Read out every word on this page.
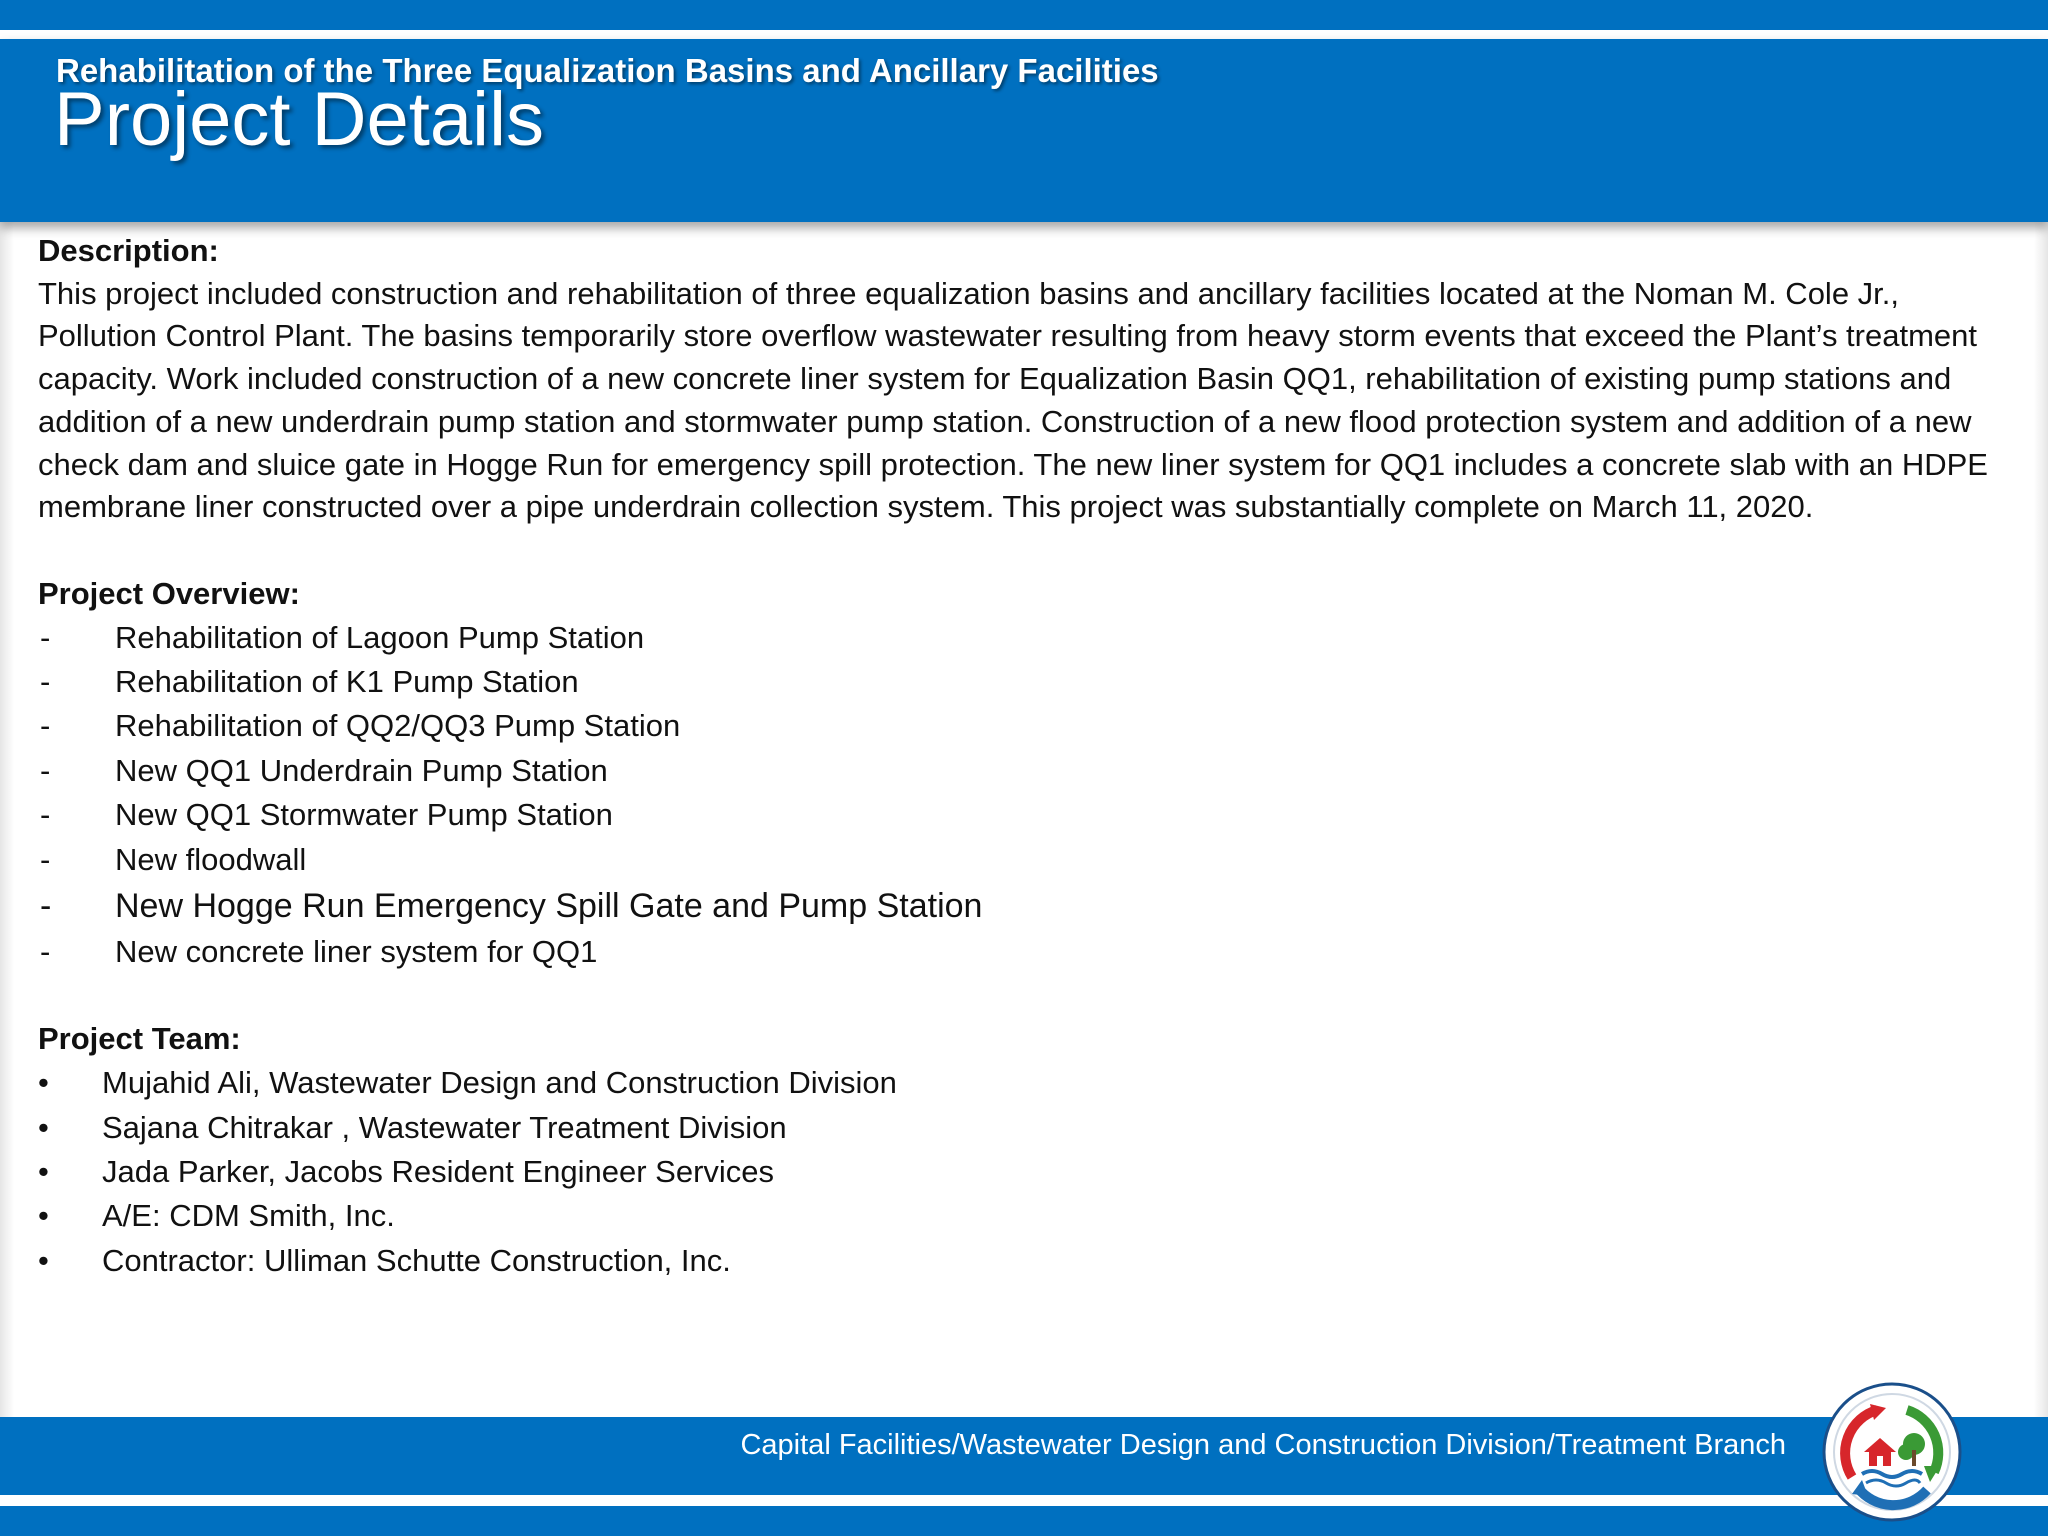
Rehabilitation of the Three Equalization Basins and Ancillary Facilities
Project Details
Description:

This project included construction and rehabilitation of three equalization basins and ancillary facilities located at the Noman M. Cole Jr., Pollution Control Plant. The basins temporarily store overflow wastewater resulting from heavy storm events that exceed the Plant’s treatment capacity. Work included construction of a new concrete liner system for Equalization Basin QQ1, rehabilitation of existing pump stations and addition of a new underdrain pump station and stormwater pump station. Construction of a new flood protection system and addition of a new check dam and sluice gate in Hogge Run for emergency spill protection. The new liner system for QQ1 includes a concrete slab with an HDPE membrane liner constructed over a pipe underdrain collection system. This project was substantially complete on March 11, 2020.

Project Overview:
- Rehabilitation of Lagoon Pump Station
- Rehabilitation of K1 Pump Station
- Rehabilitation of QQ2/QQ3 Pump Station
- New QQ1 Underdrain Pump Station
- New QQ1 Stormwater Pump Station
- New floodwall
- New Hogge Run Emergency Spill Gate and Pump Station
- New concrete liner system for QQ1
Project Team:
• Mujahid Ali, Wastewater Design and Construction Division
• Sajana Chitrakar , Wastewater Treatment Division
• Jada Parker, Jacobs Resident Engineer Services
• A/E: CDM Smith, Inc.
• Contractor: Ulliman Schutte Construction, Inc.
Capital Facilities/Wastewater Design and Construction Division/Treatment Branch
